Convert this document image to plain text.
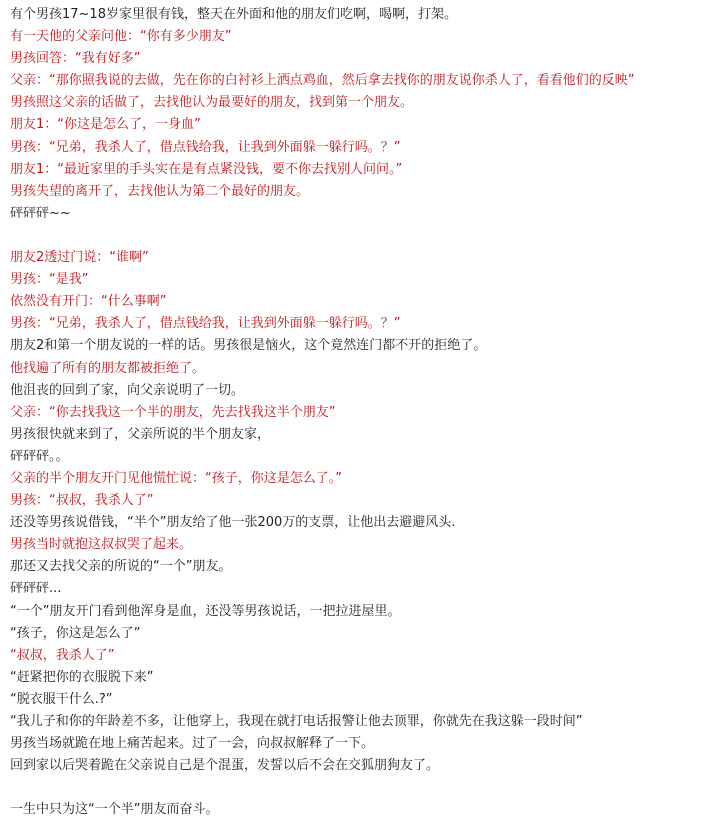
有个男孩17~18岁家里很有钱，整天在外面和他的朋友们吃啊，喝啊，打架。
有一天他的父亲问他：“你有多少朋友”
男孩回答：“我有好多”
父亲：“那你照我说的去做，先在你的白衬衫上洒点鸡血，然后拿去找你的朋友说你杀人了，看看他们的反映”
男孩照这父亲的话做了，去找他认为最要好的朋友，找到第一个朋友。
朋友1：“你这是怎么了，一身血”
男孩：“兄弟，我杀人了，借点钱给我，让我到外面躲一躲行吗。？”
朋友1：“最近家里的手头实在是有点紧没钱，要不你去找别人问问。”
男孩失望的离开了，去找他认为第二个最好的朋友。
砰砰砰~~
朋友2透过门说：“谁啊”
男孩：“是我”
依然没有开门：“什么事啊”
男孩：“兄弟，我杀人了，借点钱给我，让我到外面躲一躲行吗。？”
朋友2和第一个朋友说的一样的话。男孩很是恼火，这个竟然连门都不开的拒绝了。
他找遍了所有的朋友都被拒绝了。
他沮丧的回到了家，向父亲说明了一切。
父亲：“你去找我这一个半的朋友，先去找我这半个朋友”
男孩很快就来到了，父亲所说的半个朋友家，
砰砰砰。。
父亲的半个朋友开门见他慌忙说：“孩子，你这是怎么了。”
男孩：“叔叔，我杀人了”
还没等男孩说借钱，“半个”朋友给了他一张200万的支票，让他出去避避风头.
男孩当时就抱这叔叔哭了起来。
那还又去找父亲的所说的“一个”朋友。
砰砰砰...
“一个”朋友开门看到他浑身是血，还没等男孩说话，一把拉进屋里。
“孩子，你这是怎么了”
“叔叔，我杀人了”
“赶紧把你的衣服脱下来”
“脱衣服干什么.?”
“我儿子和你的年龄差不多，让他穿上，我现在就打电话报警让他去顶罪，你就先在我这躲一段时间”
男孩当场就跪在地上痛苦起来。过了一会，向叔叔解释了一下。
回到家以后哭着跪在父亲说自己是个混蛋，发誓以后不会在交狐朋狗友了。
一生中只为这“一个半”朋友而奋斗。
